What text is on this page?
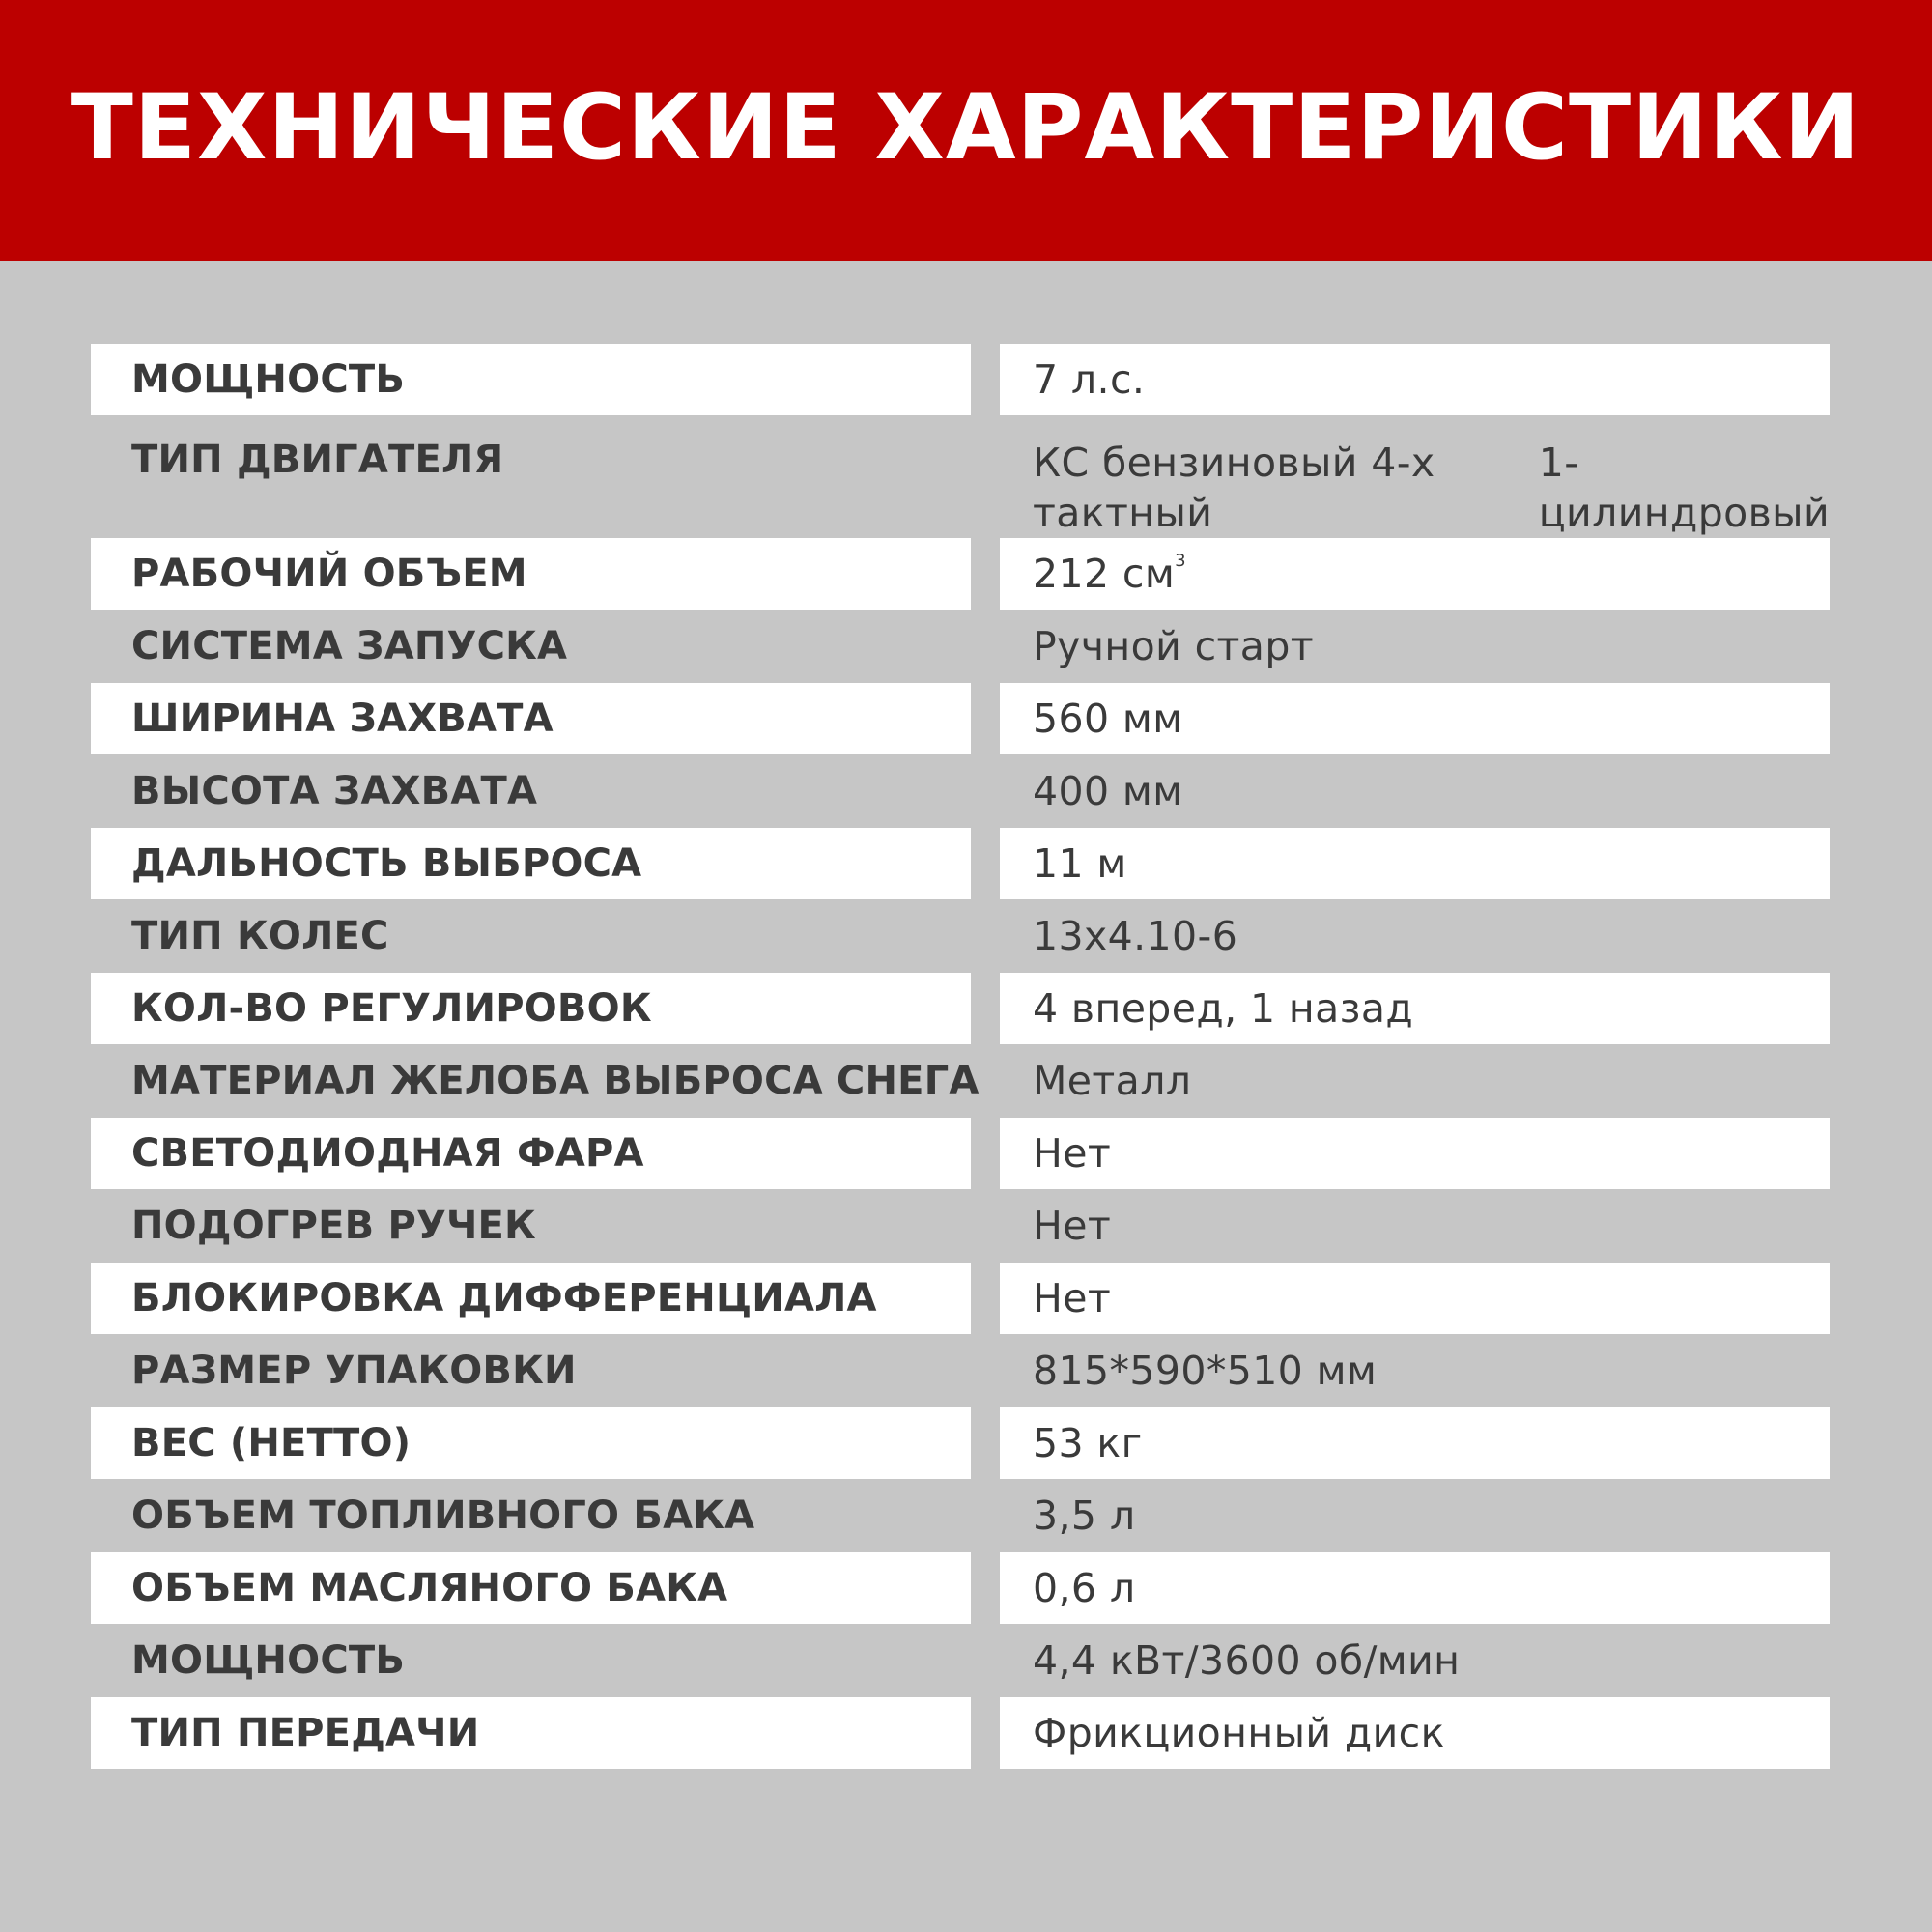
ТЕХНИЧЕСКИЕ ХАРАКТЕРИСТИКИ
МОЩНОСТЬ	7 л.с.
ТИП ДВИГАТЕЛЯ	КС бензиновый 4-х тактный
1-цилиндровый
РАБОЧИЙ ОБЪЕМ	212 $см^3$
СИСТЕМА ЗАПУСКА	Ручной старт
ШИРИНА ЗАХВАТА	560 мм
ВЫСОТА ЗАХВАТА	400 мм
ДАЛЬНОСТЬ ВЫБРОСА	11 м
ТИП КОЛЕС	13x4.10-6
КОЛ-ВО РЕГУЛИРОВОК	4 вперед, 1 назад
МАТЕРИАЛ ЖЕЛОБА ВЫБРОСА СНЕГА	Металл
СВЕТОДИОДНАЯ ФАРА	Нет
ПОДОГРЕВ РУЧЕК	Нет
БЛОКИРОВКА ДИФФЕРЕНЦИАЛА	Нет
РАЗМЕР УПАКОВКИ	815*590*510 мм
ВЕС (НЕТТО)	53 кг
ОБЪЕМ ТОПЛИВНОГО БАКА	3,5 л
ОБЪЕМ МАСЛЯНОГО БАКА	0,6 л
МОЩНОСТЬ	4,4 кВт/3600 об/мин
ТИП ПЕРЕДАЧИ	Фрикционный диск
